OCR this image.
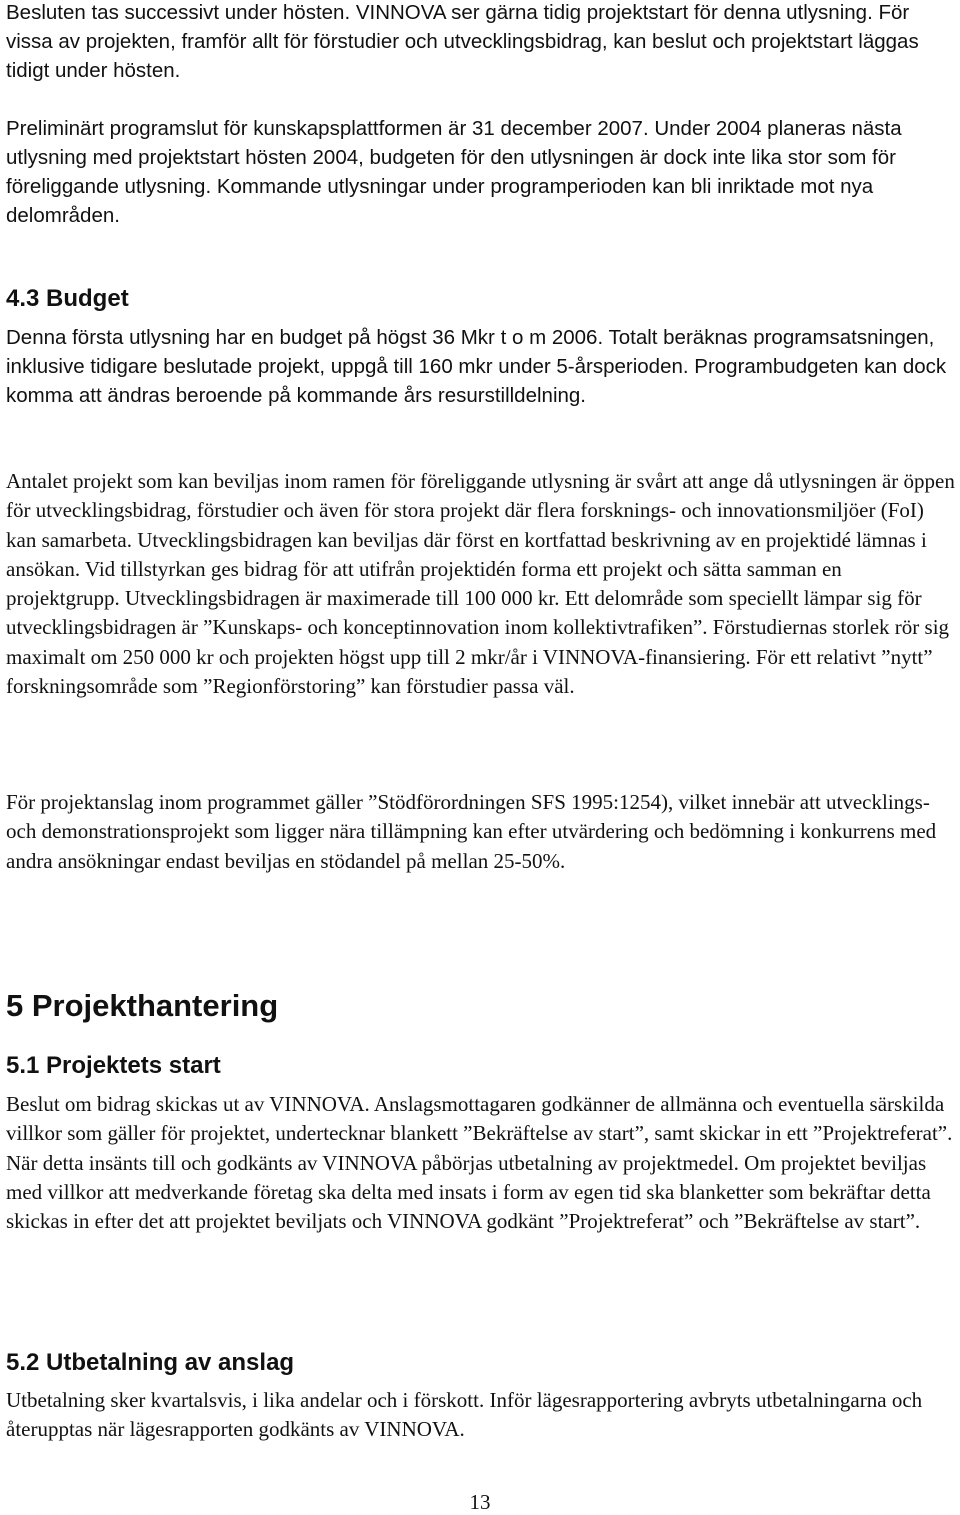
Besluten tas successivt under hösten. VINNOVA ser gärna tidig projektstart för denna utlysning. För vissa av projekten, framför allt för förstudier och utvecklingsbidrag, kan beslut och projektstart läggas tidigt under hösten.

Preliminärt programslut för kunskapsplattformen är 31 december 2007. Under 2004 planeras nästa utlysning med projektstart hösten 2004, budgeten för den utlysningen är dock inte lika stor som för föreliggande utlysning. Kommande utlysningar under programperioden kan bli inriktade mot nya delområden.

4.3 Budget

Denna första utlysning har en budget på högst 36 Mkr t o m 2006. Totalt beräknas programsatsningen, inklusive tidigare beslutade projekt, uppgå till 160 mkr under 5-årsperioden. Programbudgeten kan dock komma att ändras beroende på kommande års resurstilldelning.

Antalet projekt som kan beviljas inom ramen för föreliggande utlysning är svårt att ange då utlysningen är öppen för utvecklingsbidrag, förstudier och även för stora projekt där flera forsknings- och innovationsmiljöer (FoI) kan samarbeta. Utvecklingsbidragen kan beviljas där först en kortfattad beskrivning av en projektidé lämnas i ansökan. Vid tillstyrkan ges bidrag för att utifrån projektidén forma ett projekt och sätta samman en projektgrupp. Utvecklingsbidragen är maximerade till 100 000 kr. Ett delområde som speciellt lämpar sig för utvecklingsbidragen är ”Kunskaps- och konceptinnovation inom kollektivtrafiken”. Förstudiernas storlek rör sig maximalt om 250 000 kr och projekten högst upp till 2 mkr/år i VINNOVA-finansiering. För ett relativt ”nytt” forskningsområde som ”Regionförstoring” kan förstudier passa väl.

För projektanslag inom programmet gäller ”Stödförordningen SFS 1995:1254), vilket innebär att utvecklings- och demonstrationsprojekt som ligger nära tillämpning kan efter utvärdering och bedömning i konkurrens med andra ansökningar endast beviljas en stödandel på mellan 25-50%.

5 Projekthantering
5.1 Projektets start

Beslut om bidrag skickas ut av VINNOVA. Anslagsmottagaren godkänner de allmänna och eventuella särskilda villkor som gäller för projektet, undertecknar blankett ”Bekräftelse av start”, samt skickar in ett ”Projektreferat”. När detta insänts till och godkänts av VINNOVA påbörjas utbetalning av projektmedel. Om projektet beviljas med villkor att medverkande företag ska delta med insats i form av egen tid ska blanketter som bekräftar detta skickas in efter det att projektet beviljats och VINNOVA godkänt ”Projektreferat” och ”Bekräftelse av start”.

5.2 Utbetalning av anslag

Utbetalning sker kvartalsvis, i lika andelar och i förskott. Inför lägesrapportering avbryts utbetalningarna och återupptas när lägesrapporten godkänts av VINNOVA.

13
